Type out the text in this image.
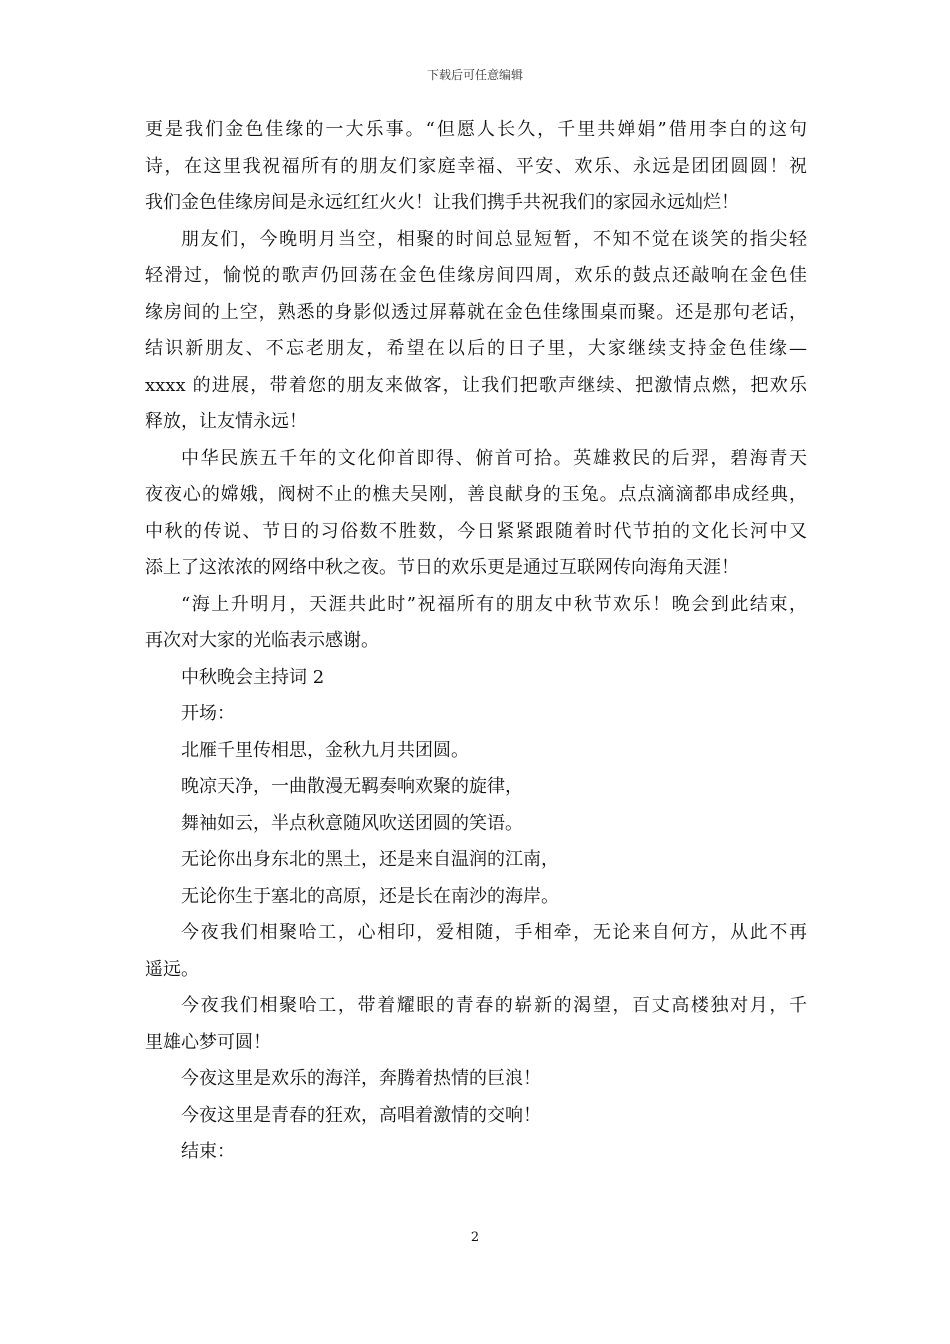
下载后可任意编辑
更是我们金色佳缘的一大乐事。“但愿人长久，千里共婵娟”借用李白的这句
诗，在这里我祝福所有的朋友们家庭幸福、平安、欢乐、永远是团团圆圆！祝
我们金色佳缘房间是永远红红火火！让我们携手共祝我们的家园永远灿烂！
朋友们，今晚明月当空，相聚的时间总显短暂，不知不觉在谈笑的指尖轻
轻滑过，愉悦的歌声仍回荡在金色佳缘房间四周，欢乐的鼓点还敲响在金色佳
缘房间的上空，熟悉的身影似透过屏幕就在金色佳缘围桌而聚。还是那句老话，
结识新朋友、不忘老朋友，希望在以后的日子里，大家继续支持金色佳缘—
xxxx 的进展，带着您的朋友来做客，让我们把歌声继续、把激情点燃，把欢乐
释放，让友情永远！
中华民族五千年的文化仰首即得、俯首可拾。英雄救民的后羿，碧海青天
夜夜心的嫦娥，阀树不止的樵夫吴刚，善良献身的玉兔。点点滴滴都串成经典，
中秋的传说、节日的习俗数不胜数，今日紧紧跟随着时代节拍的文化长河中又
添上了这浓浓的网络中秋之夜。节日的欢乐更是通过互联网传向海角天涯！
“海上升明月，天涯共此时”祝福所有的朋友中秋节欢乐！晚会到此结束，
再次对大家的光临表示感谢。
中秋晚会主持词 2
开场：
北雁千里传相思，金秋九月共团圆。
晚凉天净，一曲散漫无羁奏响欢聚的旋律，
舞袖如云，半点秋意随风吹送团圆的笑语。
无论你出身东北的黑土，还是来自温润的江南，
无论你生于塞北的高原，还是长在南沙的海岸。
今夜我们相聚哈工，心相印，爱相随，手相牵，无论来自何方，从此不再
遥远。
今夜我们相聚哈工，带着耀眼的青春的崭新的渴望，百丈高楼独对月，千
里雄心梦可圆！
今夜这里是欢乐的海洋，奔腾着热情的巨浪！
今夜这里是青春的狂欢，高唱着激情的交响！
结束：
2
